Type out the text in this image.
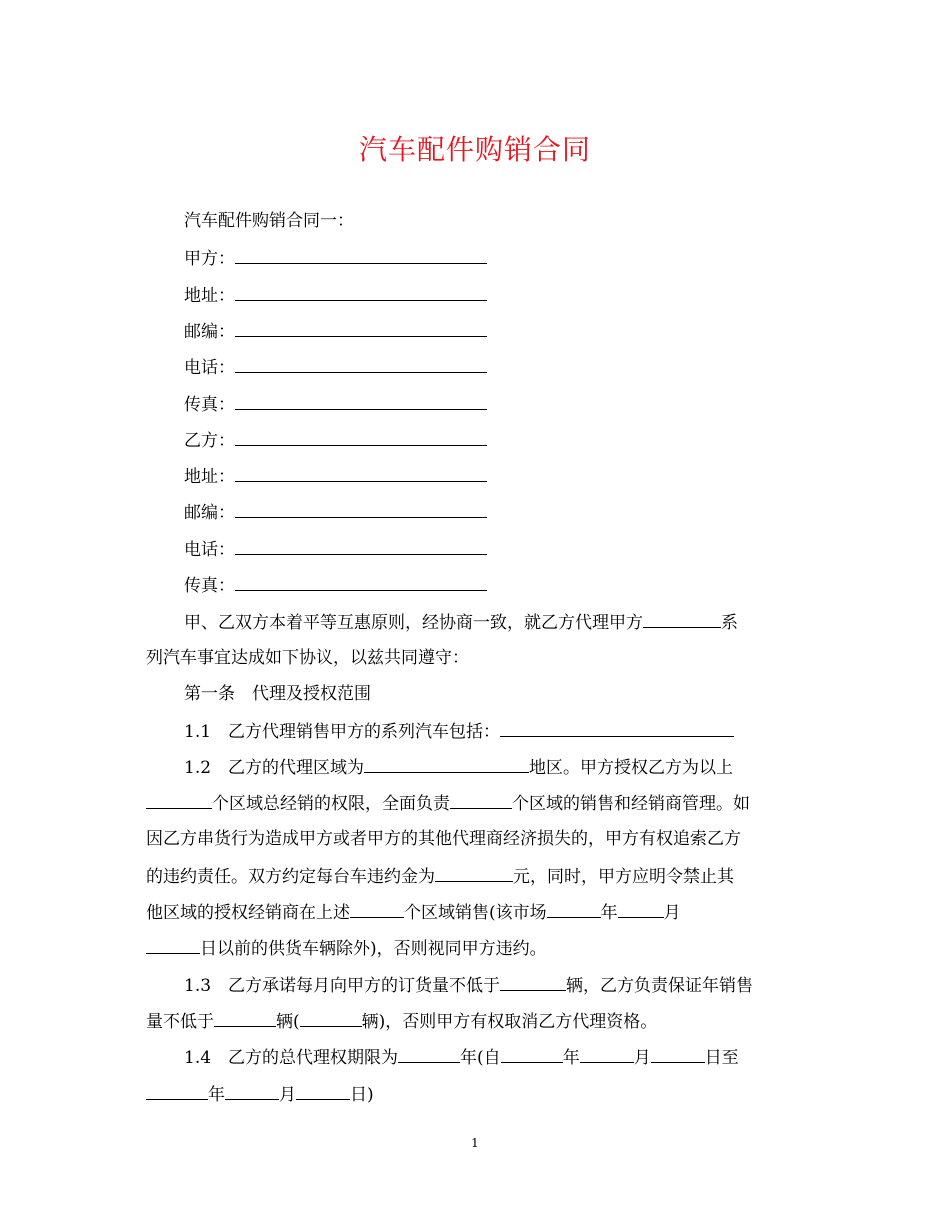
汽车配件购销合同
汽车配件购销合同一：
甲方：
地址：
邮编：
电话：
传真：
乙方：
地址：
邮编：
电话：
传真：
甲、乙双方本着平等互惠原则，经协商一致，就乙方代理甲方	系
列汽车事宜达成如下协议，以兹共同遵守：
第一条　代理及授权范围
1.1　乙方代理销售甲方的系列汽车包括：
1.2　乙方的代理区域为	地区。甲方授权乙方为以上
个区域总经销的权限，全面负责	个区域的销售和经销商管理。如
因乙方串货行为造成甲方或者甲方的其他代理商经济损失的，甲方有权追索乙方
的违约责任。双方约定每台车违约金为	元，同时，甲方应明令禁止其
他区域的授权经销商在上述	个区域销售(该市场	年	月
日以前的供货车辆除外)，否则视同甲方违约。
1.3　乙方承诺每月向甲方的订货量不低于	辆，乙方负责保证年销售
量不低于	辆(	辆)，否则甲方有权取消乙方代理资格。
1.4　乙方的总代理权期限为	年(自	年	月	日至
年	月	日)
1
